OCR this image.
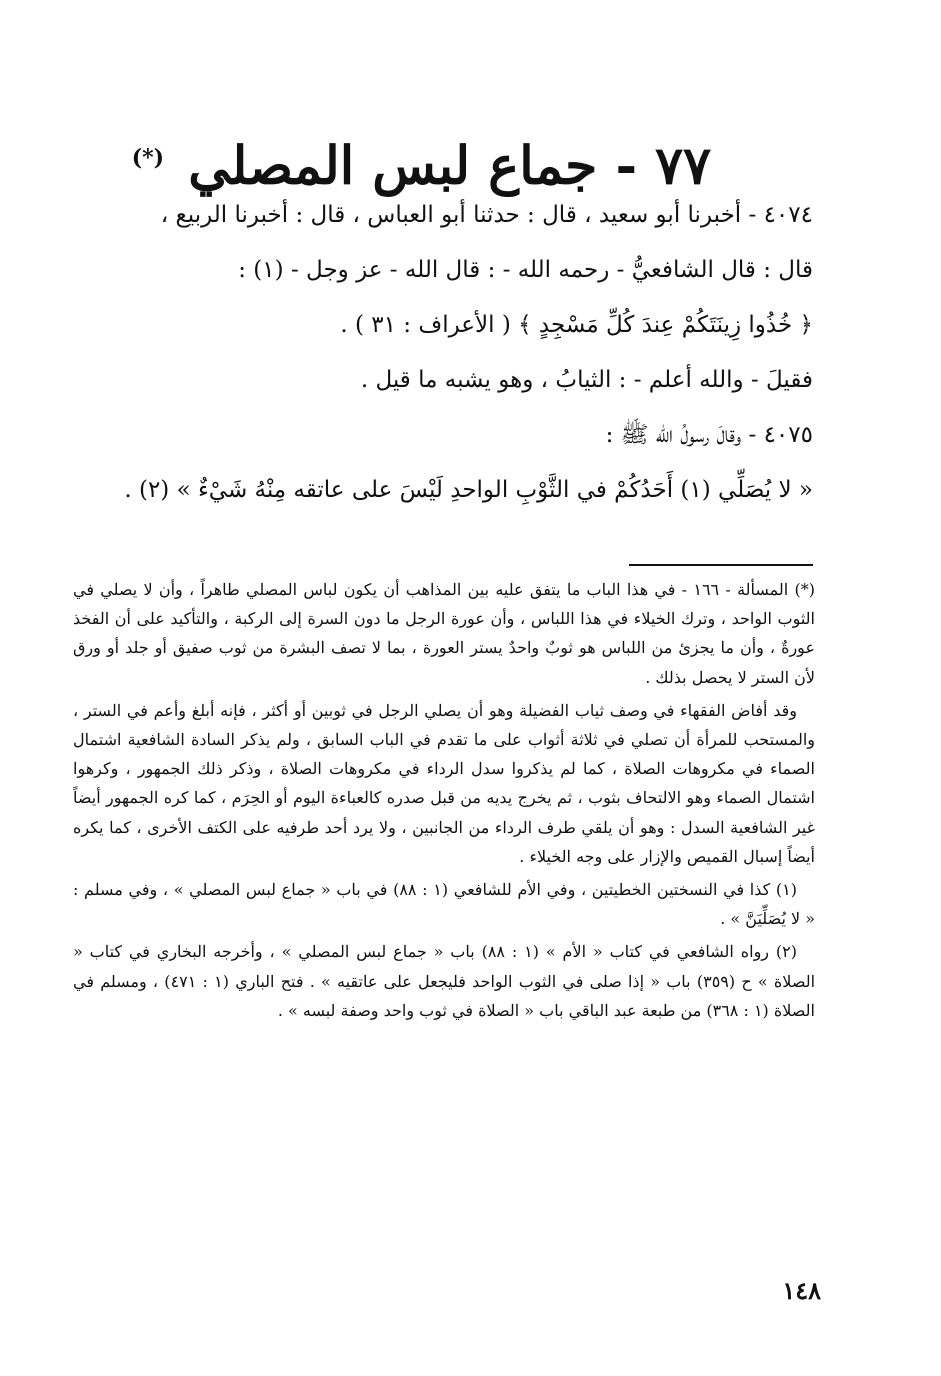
٧٧ - جماع لبس المصلي (*)

٤٠٧٤ - أخبرنا أبو سعيد ، قال : حدثنا أبو العباس ، قال : أخبرنا الربيع ،

قال : قال الشافعيُّ - رحمه الله - : قال الله - عز وجل - (١) :

﴿ خُذُوا زِينَتَكُمْ عِندَ كُلِّ مَسْجِدٍ ﴾ ( الأعراف : ٣١ ) .

فقيلَ - والله أعلم - : الثيابُ ، وهو يشبه ما قيل .

٤٠٧٥ - وقالَ رسولُ الله ﷺ :

« لا يُصَلِّي (١) أَحَدُكُمْ في الثَّوْبِ الواحدِ لَيْسَ على عاتقه مِنْهُ شَيْءٌ » (٢) .

(*) المسألة - ١٦٦ - في هذا الباب ما يتفق عليه بين المذاهب أن يكون لباس المصلي طاهراً ، وأن لا يصلي في الثوب الواحد ، وترك الخيلاء في هذا اللباس ، وأن عورة الرجل ما دون السرة إلى الركبة ، والتأكيد على أن الفخذ عورةٌ ، وأن ما يجزئ من اللباس هو ثوبٌ واحدٌ يستر العورة ، بما لا تصف البشرة من ثوب صفيق أو جلد أو ورق لأن الستر لا يحصل بذلك .

وقد أفاض الفقهاء في وصف ثياب الفضيلة وهو أن يصلي الرجل في ثوبين أو أكثر ، فإنه أبلغ وأعم في الستر ، والمستحب للمرأة أن تصلي في ثلاثة أثواب على ما تقدم في الباب السابق ، ولم يذكر السادة الشافعية اشتمال الصماء في مكروهات الصلاة ، كما لم يذكروا سدل الرداء في مكروهات الصلاة ، وذكر ذلك الجمهور ، وكرهوا اشتمال الصماء وهو الالتحاف بثوب ، ثم يخرج يديه من قبل صدره كالعباءة اليوم أو الحِرَم ، كما كره الجمهور أيضاً غير الشافعية السدل : وهو أن يلقي طرف الرداء من الجانبين ، ولا يرد أحد طرفيه على الكتف الأخرى ، كما يكره أيضاً إسبال القميص والإزار على وجه الخيلاء .

(١) كذا في النسختين الخطيتين ، وفي الأم للشافعي (١ : ٨٨) في باب « جماع لبس المصلي » ، وفي مسلم : « لا يُصَلِّيَنَّ » .

(٢) رواه الشافعي في كتاب « الأم » (١ : ٨٨) باب « جماع لبس المصلي » ، وأخرجه البخاري في كتاب « الصلاة » ح (٣٥٩) باب « إذا صلى في الثوب الواحد فليجعل على عاتقيه » . فتح الباري (١ : ٤٧١) ، ومسلم في الصلاة (١ : ٣٦٨) من طبعة عبد الباقي باب « الصلاة في ثوب واحد وصفة لبسه » .

١٤٨
